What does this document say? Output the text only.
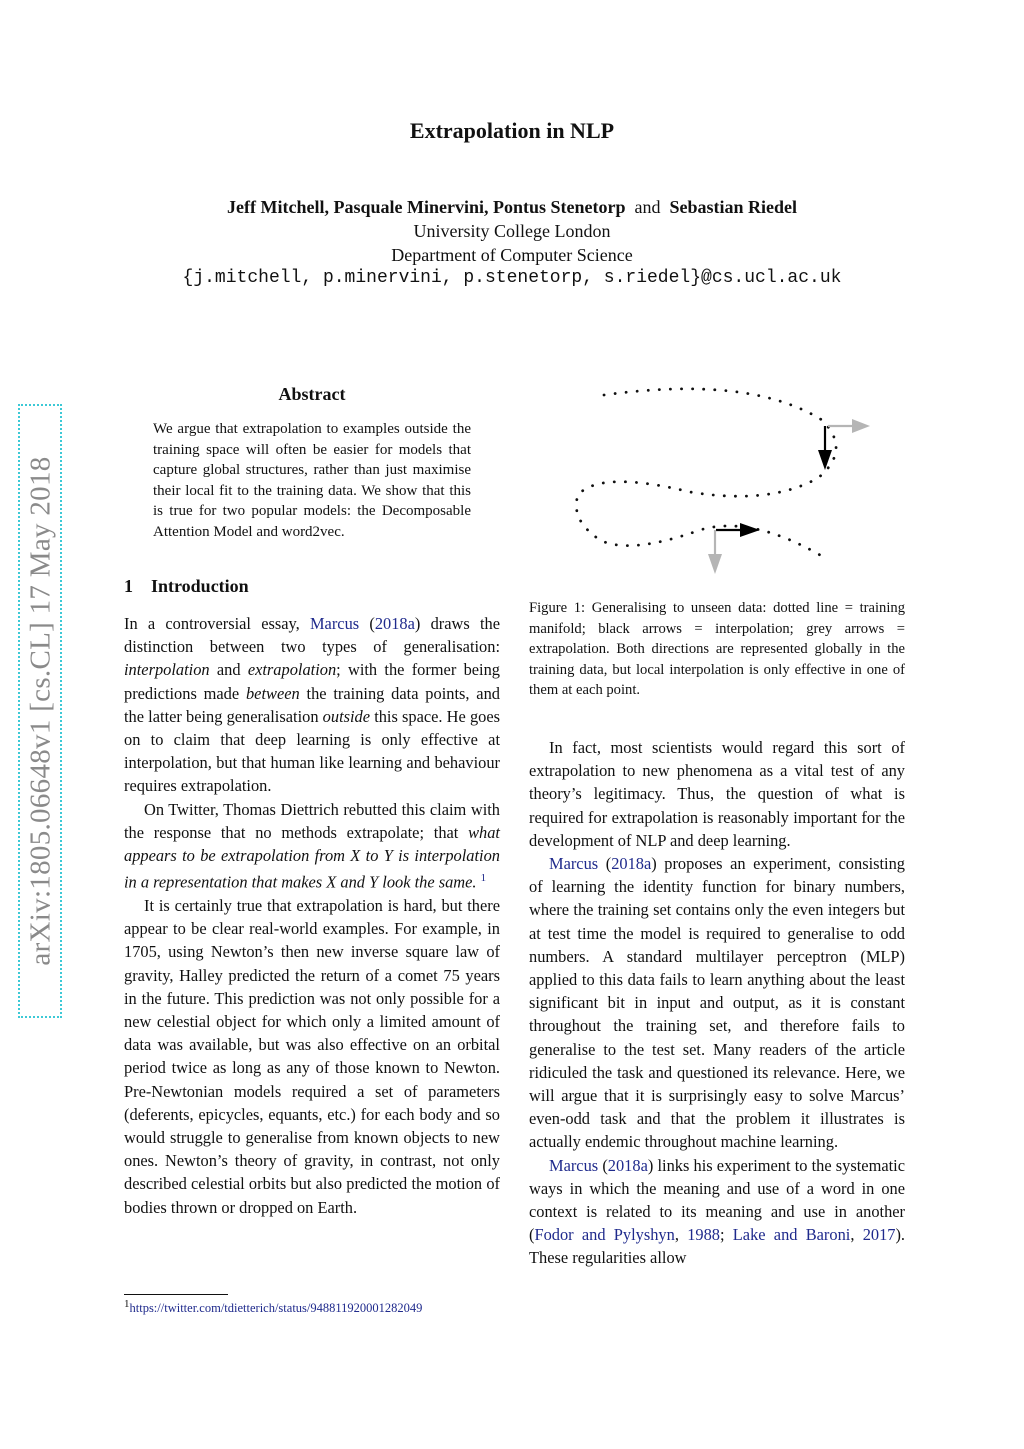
arXiv:1805.06648v1 [cs.CL] 17 May 2018
Extrapolation in NLP
Jeff Mitchell, Pasquale Minervini, Pontus Stenetorp and Sebastian Riedel
University College London
Department of Computer Science
{j.mitchell, p.minervini, p.stenetorp, s.riedel}@cs.ucl.ac.uk
Abstract
We argue that extrapolation to examples outside the training space will often be easier for models that capture global structures, rather than just maximise their local fit to the training data. We show that this is true for two popular models: the Decomposable Attention Model and word2vec.
1 Introduction

In a controversial essay, Marcus (2018a) draws the distinction between two types of generalisation: interpolation and extrapolation; with the former being predictions made between the training data points, and the latter being generalisation outside this space. He goes on to claim that deep learning is only effective at interpolation, but that human like learning and behaviour requires extrapolation.

On Twitter, Thomas Diettrich rebutted this claim with the response that no methods extrapolate; that what appears to be extrapolation from X to Y is interpolation in a representation that makes X and Y look the same. $^1$

It is certainly true that extrapolation is hard, but there appear to be clear real-world examples. For example, in 1705, using Newton’s then new inverse square law of gravity, Halley predicted the return of a comet 75 years in the future. This prediction was not only possible for a new celestial object for which only a limited amount of data was available, but was also effective on an orbital period twice as long as any of those known to Newton. Pre-Newtonian models required a set of parameters (deferents, epicycles, equants, etc.) for each body and so would struggle to generalise from known objects to new ones. Newton’s theory of gravity, in contrast, not only described celestial orbits but also predicted the motion of bodies thrown or dropped on Earth.

$^1$https://twitter.com/tdietterich/status/948811920001282049
Figure 1: Generalising to unseen data: dotted line = training manifold; black arrows = interpolation; grey arrows = extrapolation. Both directions are represented globally in the training data, but local interpolation is only effective in one of them at each point.

In fact, most scientists would regard this sort of extrapolation to new phenomena as a vital test of any theory’s legitimacy. Thus, the question of what is required for extrapolation is reasonably important for the development of NLP and deep learning.

Marcus (2018a) proposes an experiment, consisting of learning the identity function for binary numbers, where the training set contains only the even integers but at test time the model is required to generalise to odd numbers. A standard multilayer perceptron (MLP) applied to this data fails to learn anything about the least significant bit in input and output, as it is constant throughout the training set, and therefore fails to generalise to the test set. Many readers of the article ridiculed the task and questioned its relevance. Here, we will argue that it is surprisingly easy to solve Marcus’ even-odd task and that the problem it illustrates is actually endemic throughout machine learning.

Marcus (2018a) links his experiment to the systematic ways in which the meaning and use of a word in one context is related to its meaning and use in another (Fodor and Pylyshyn, 1988; Lake and Baroni, 2017). These regularities allow
